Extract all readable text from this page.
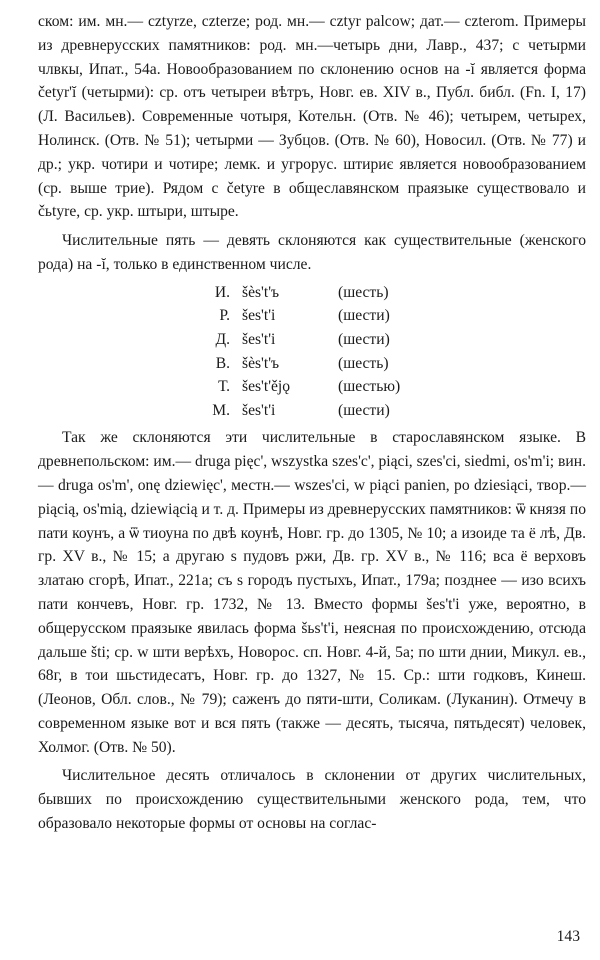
ском: им. мн.— cztyrze, czterze; род. мн.— cztyr palcow; дат.— czterom. Примеры из древнерусских памятников: род. мн.—четырь дни, Лавр., 437; с четырми члвкы, Ипат., 54а. Новообразованием по склонению основ на -ĭ является форма četyr'ĭ (четырми): ср. отъ четыреи вѣтръ, Новг. ев. XIV в., Публ. библ. (Fn. I, 17) (Л. Васильев). Современные чотыря, Котельн. (Отв. № 46); четырем, четырех, Нолинск. (Отв. № 51); четырми — Зубцов. (Отв. № 60), Новосил. (Отв. № 77) и др.; укр. чотири и чотире; лемк. и угрорус. штириє является новообразованием (ср. выше трие). Рядом с četyre в общеславянском праязыке существовало и čьtyre, ср. укр. штыри, штыре.

Числительные пять — девять склоняются как существительные (женского рода) на -ĭ, только в единственном числе.

И.	šès't'ъ	(шесть)
Р.	šes't'i	(шести)
Д.	šes't'i	(шести)
В.	šès't'ъ	(шесть)
Т.	šes't'ějǫ	(шестью)
М.	šes't'i	(шести)

Так же склоняются эти числительные в старославянском языке. В древнепольском: им.— druga pięc', wszystka szes'c', piąci, szes'ci, siedmi, os'm'i; вин.— druga os'm', onę dziewięc', местн.— wszes'ci, w piąci panien, po dziesiąci, твор.— piącią, os'mią, dziewiącią и т. д. Примеры из древнерусских памятников: ѿ князя по пати коунъ, а ѿ тиоуна по двѣ коунѣ, Новг. гр. до 1305, № 10; а изоиде та ё лѣ, Дв. гр. XV в., № 15; а другаю ѕ пудовъ ржи, Дв. гр. XV в., № 116; вса ё верховъ златаю сгорѣ, Ипат., 221а; съ ѕ городъ пустыхъ, Ипат., 179а; позднее — изо всихъ пати кончевъ, Новг. гр. 1732, № 13. Вместо формы šes't'i уже, вероятно, в общерусском праязыке явилась форма šьs't'i, неясная по происхождению, отсюда дальше šti; ср. w шти верѣхъ, Новорос. сп. Новг. 4-й, 5а; по шти днии, Микул. ев., 68г, в тои шьстидесатъ, Новг. гр. до 1327, № 15. Ср.: шти годковъ, Кинеш. (Леонов, Обл. слов., № 79); саженъ до пяти-шти, Соликам. (Луканин). Отмечу в современном языке вот и вся пять (также — десять, тысяча, пятьдесят) человек, Холмог. (Отв. № 50).

Числительное десять отличалось в склонении от других числительных, бывших по происхождению существительными женского рода, тем, что образовало некоторые формы от основы на соглас-

143
